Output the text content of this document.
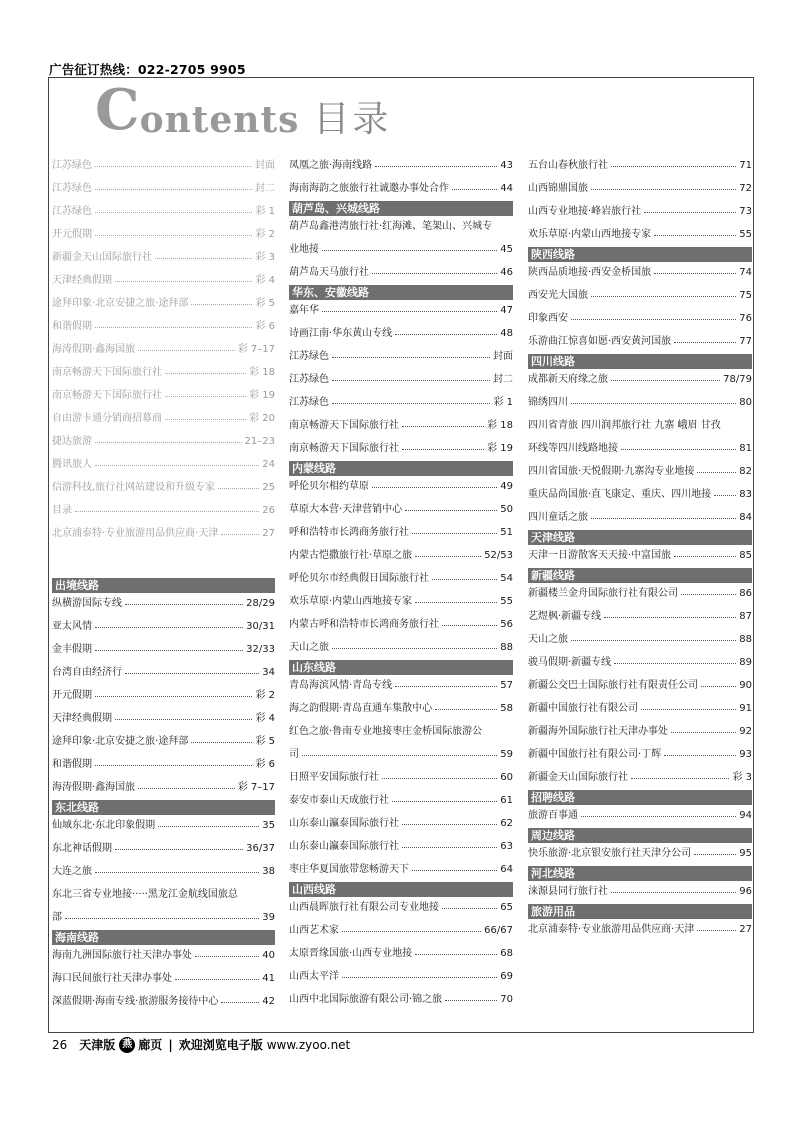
广告征订热线：022-2705 9905
C ontents 目录
江苏绿色	封面
江苏绿色	封二
江苏绿色	彩 1
开元假期	彩 2
新疆金天山国际旅行社	彩 3
天津经典假期	彩 4
途拜印象·北京安捷之旅·途拜部	彩 5
和谐假期	彩 6
海涛假期·鑫海国旅	彩 7–17
南京畅游天下国际旅行社	彩 18
南京畅游天下国际旅行社	彩 19
自由游卡通分销商招募商	彩 20
捷达旅游	21–23
腾讯旅人	24
信游科技,旅行社网站建设和升级专家	25
目录	26
北京浦泰特·专业旅游用品供应商·天津	27
出境线路
纵横游国际专线	28/29
亚太风情	30/31
金丰假期	32/33
台湾自由经济行	34
开元假期	彩 2
天津经典假期	彩 4
途拜印象·北京安捷之旅·途拜部	彩 5
和谐假期	彩 6
海涛假期·鑫海国旅	彩 7–17
东北线路
仙域东北·东北印象假期	35
东北神话假期	36/37
大连之旅	38
东北三省专业地接·····黑龙江金航线国旅总
部	39
海南线路
海南九洲国际旅行社天津办事处	40
海口民间旅行社天津办事处	41
深蓝假期·海南专线·旅游服务接待中心	42
凤凰之旅·海南线路	43
海南海韵之旅旅行社诚邀办事处合作	44
葫芦岛、兴城线路
葫芦岛鑫港湾旅行社·红海滩、笔架山、兴城专
业地接	45
葫芦岛天马旅行社	46
华东、安徽线路
嘉年华	47
诗画江南·华东黄山专线	48
江苏绿色	封面
江苏绿色	封二
江苏绿色	彩 1
南京畅游天下国际旅行社	彩 18
南京畅游天下国际旅行社	彩 19
内蒙线路
呼伦贝尔相约草原	49
草原大本营·天津营销中心	50
呼和浩特市长鸿商务旅行社	51
内蒙古恺撒旅行社·草原之旅	52/53
呼伦贝尔市经典假日国际旅行社	54
欢乐草原·内蒙山西地接专家	55
内蒙古呼和浩特市长鸿商务旅行社	56
天山之旅	88
山东线路
青岛海滨风情·青岛专线	57
海之韵假期·青岛直通车集散中心	58
红色之旅·鲁南专业地接枣庄金桥国际旅游公
司	59
日照平安国际旅行社	60
泰安市泰山天成旅行社	61
山东泰山瀛泰国际旅行社	62
山东泰山瀛泰国际旅行社	63
枣庄华夏国旅带您畅游天下	64
山西线路
山西晨晖旅行社有限公司专业地接	65
山西艺术家	66/67
太原晋缘国旅·山西专业地接	68
山西太平洋	69
山西中北国际旅游有限公司·锦之旅	70
五台山春秋旅行社	71
山西锦鼎国旅	72
山西专业地接·峰岩旅行社	73
欢乐草原·内蒙山西地接专家	55
陕西线路
陕西品质地接·西安金桥国旅	74
西安光大国旅	75
印象西安	76
乐游曲江惊喜如愿·西安黄河国旅	77
四川线路
成都新天府缘之旅	78/79
锦绣四川	80
四川省青旅 四川润邦旅行社 九寨 峨眉 甘孜
环线等四川线路地接	81
四川省国旅·天悦假期·九寨沟专业地接	82
重庆品尚国旅·直飞康定、重庆、四川地接	83
四川童话之旅	84
天津线路
天津一日游散客天天接·中富国旅	85
新疆线路
新疆楼兰金舟国际旅行社有限公司	86
艺煜枫·新疆专线	87
天山之旅	88
骏马假期·新疆专线	89
新疆公交巴士国际旅行社有限责任公司	90
新疆中国旅行社有限公司	91
新疆海外国际旅行社天津办事处	92
新疆中国旅行社有限公司·丁辉	93
新疆金天山国际旅行社	彩 3
招聘线路
旅游百事通	94
周边线路
快乐旅游·北京银安旅行社天津分公司	95
河北线路
涞源县同行旅行社	96
旅游用品
北京浦泰特·专业旅游用品供应商·天津	27
26 天津版 燕 廊页 | 欢迎浏览电子版 www.zyoo.net
